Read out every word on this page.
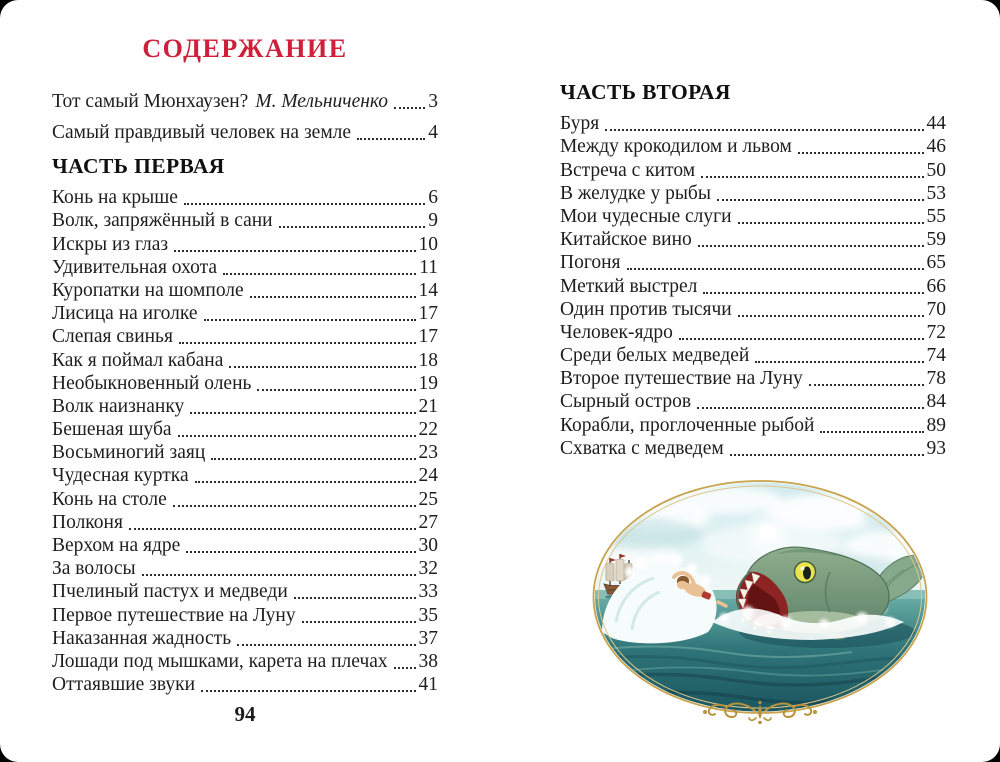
СОДЕРЖАНИЕ
Тот самый Мюнхаузен? М. Мельниченко 3
Самый правдивый человек на земле	4
ЧАСТЬ ПЕРВАЯ
Конь на крыше	6
Волк, запряжённый в сани	9
Искры из глаз	10
Удивительная охота	11
Куропатки на шомполе	14
Лисица на иголке	17
Слепая свинья	17
Как я поймал кабана	18
Необыкновенный олень	19
Волк наизнанку	21
Бешеная шуба	22
Восьминогий заяц	23
Чудесная куртка	24
Конь на столе	25
Полконя	27
Верхом на ядре	30
За волосы	32
Пчелиный пастух и медведи	33
Первое путешествие на Луну	35
Наказанная жадность	37
Лошади под мышками, карета на плечах 38
Оттаявшие звуки	41
ЧАСТЬ ВТОРАЯ
Буря	44
Между крокодилом и львом	46
Встреча с китом	50
В желудке у рыбы	53
Мои чудесные слуги	55
Китайское вино	59
Погоня	65
Меткий выстрел	66
Один против тысячи	70
Человек-ядро	72
Среди белых медведей	74
Второе путешествие на Луну	78
Сырный остров	84
Корабли, проглоченные рыбой	89
Схватка с медведем	93
94
